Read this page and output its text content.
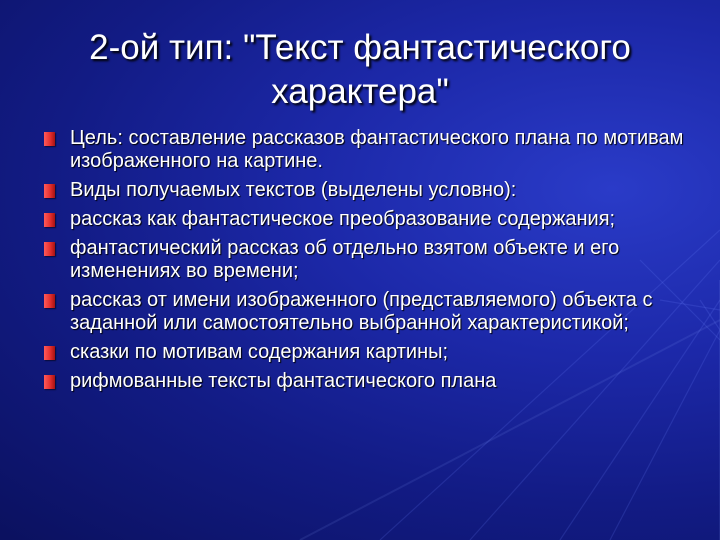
2-ой тип: "Текст фантастического характера"
Цель: составление рассказов фантастического плана по мотивам изображенного на картине.
Виды получаемых текстов (выделены условно):
рассказ как фантастическое преобразование содержания;
фантастический рассказ об отдельно взятом объекте и его изменениях во времени;
рассказ от имени изображенного (представляемого) объекта с заданной или самостоятельно выбранной характеристикой;
сказки по мотивам содержания картины;
рифмованные тексты фантастического плана
